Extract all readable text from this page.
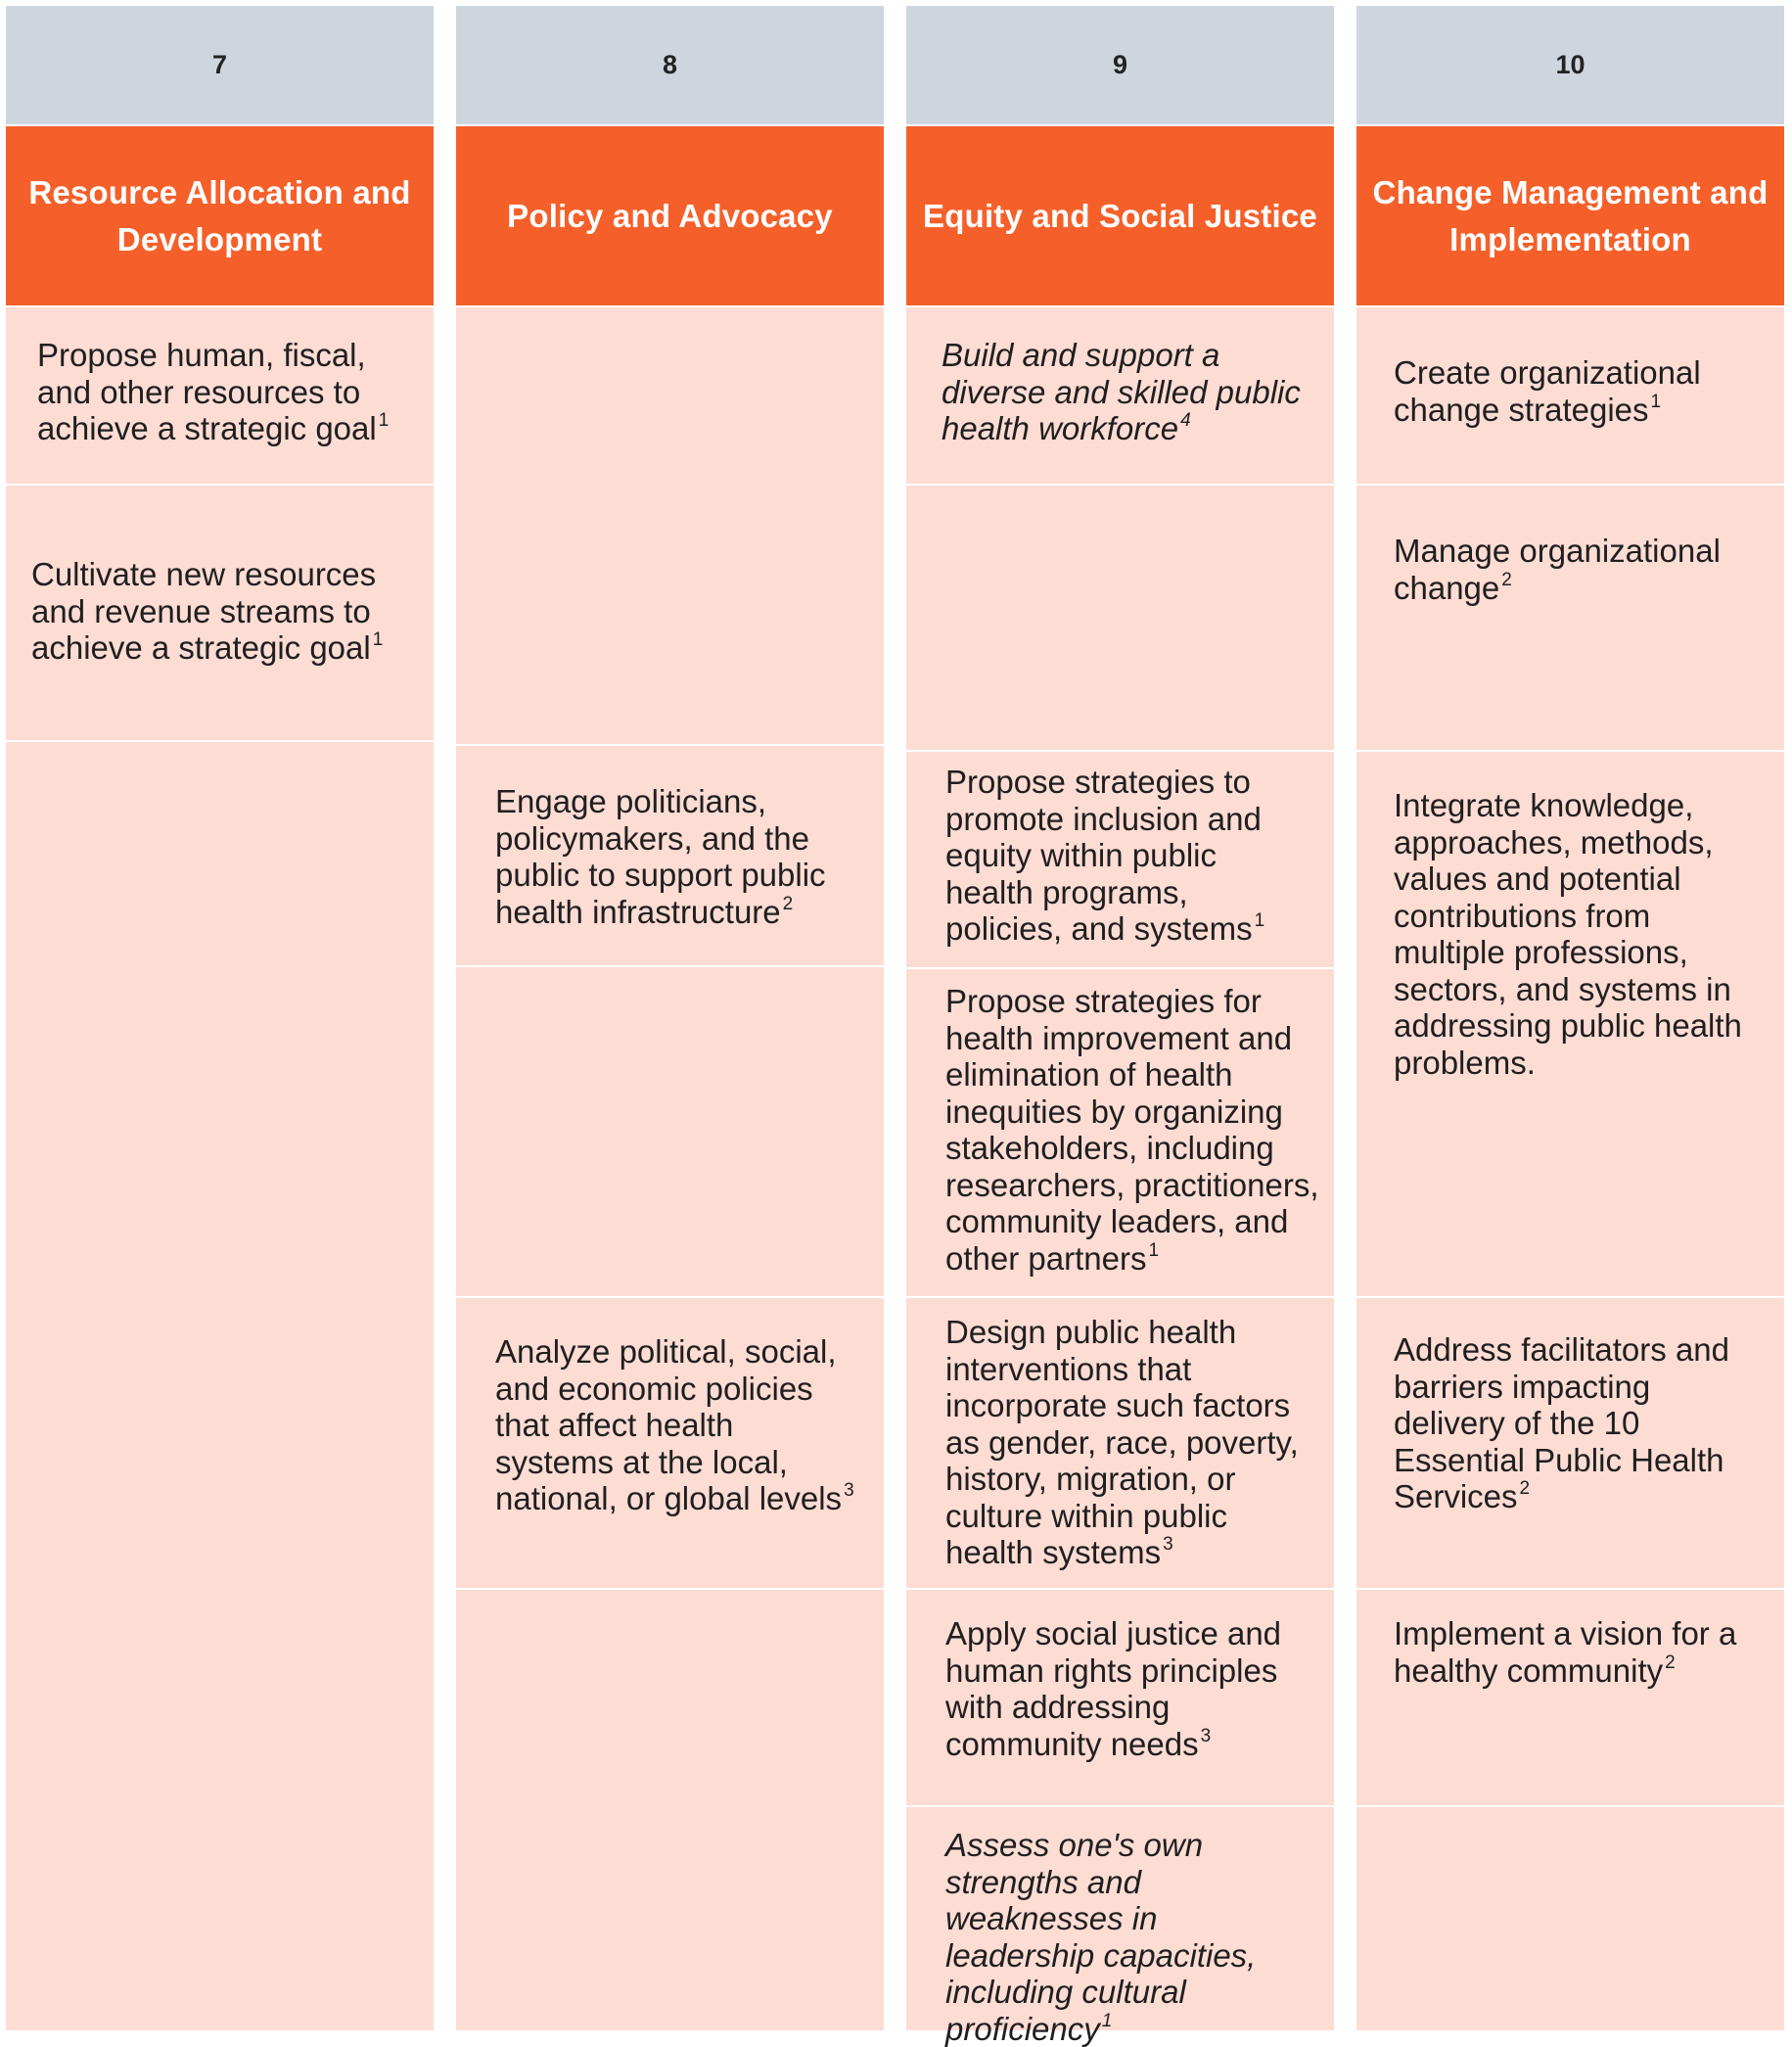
7
Resource Allocation and Development
Propose human, fiscal, and other resources to achieve a strategic goal $^1$
Cultivate new resources and revenue streams to achieve a strategic goal $^1$
8
Policy and Advocacy
Engage politicians, policymakers, and the public to support public health infrastructure $^2$
Analyze political, social, and economic policies that affect health systems at the local, national, or global levels $^3$
9
Equity and Social Justice
Build and support a diverse and skilled public health workforce $^4$
Propose strategies to promote inclusion and equity within public health programs, policies, and systems $^1$
Propose strategies for health improvement and elimination of health inequities by organizing stakeholders, including researchers, practitioners, community leaders, and other partners $^1$
Design public health interventions that incorporate such factors as gender, race, poverty, history, migration, or culture within public health systems $^3$
Apply social justice and human rights principles with addressing community needs $^3$
Assess one's own strengths and weaknesses in leadership capacities, including cultural proficiency $^1$
10
Change Management and Implementation
Create organizational change strategies $^1$
Manage organizational change $^2$
Integrate knowledge, approaches, methods, values and potential contributions from multiple professions, sectors, and systems in addressing public health problems.
Address facilitators and barriers impacting delivery of the 10 Essential Public Health Services $^2$
Implement a vision for a healthy community $^2$
